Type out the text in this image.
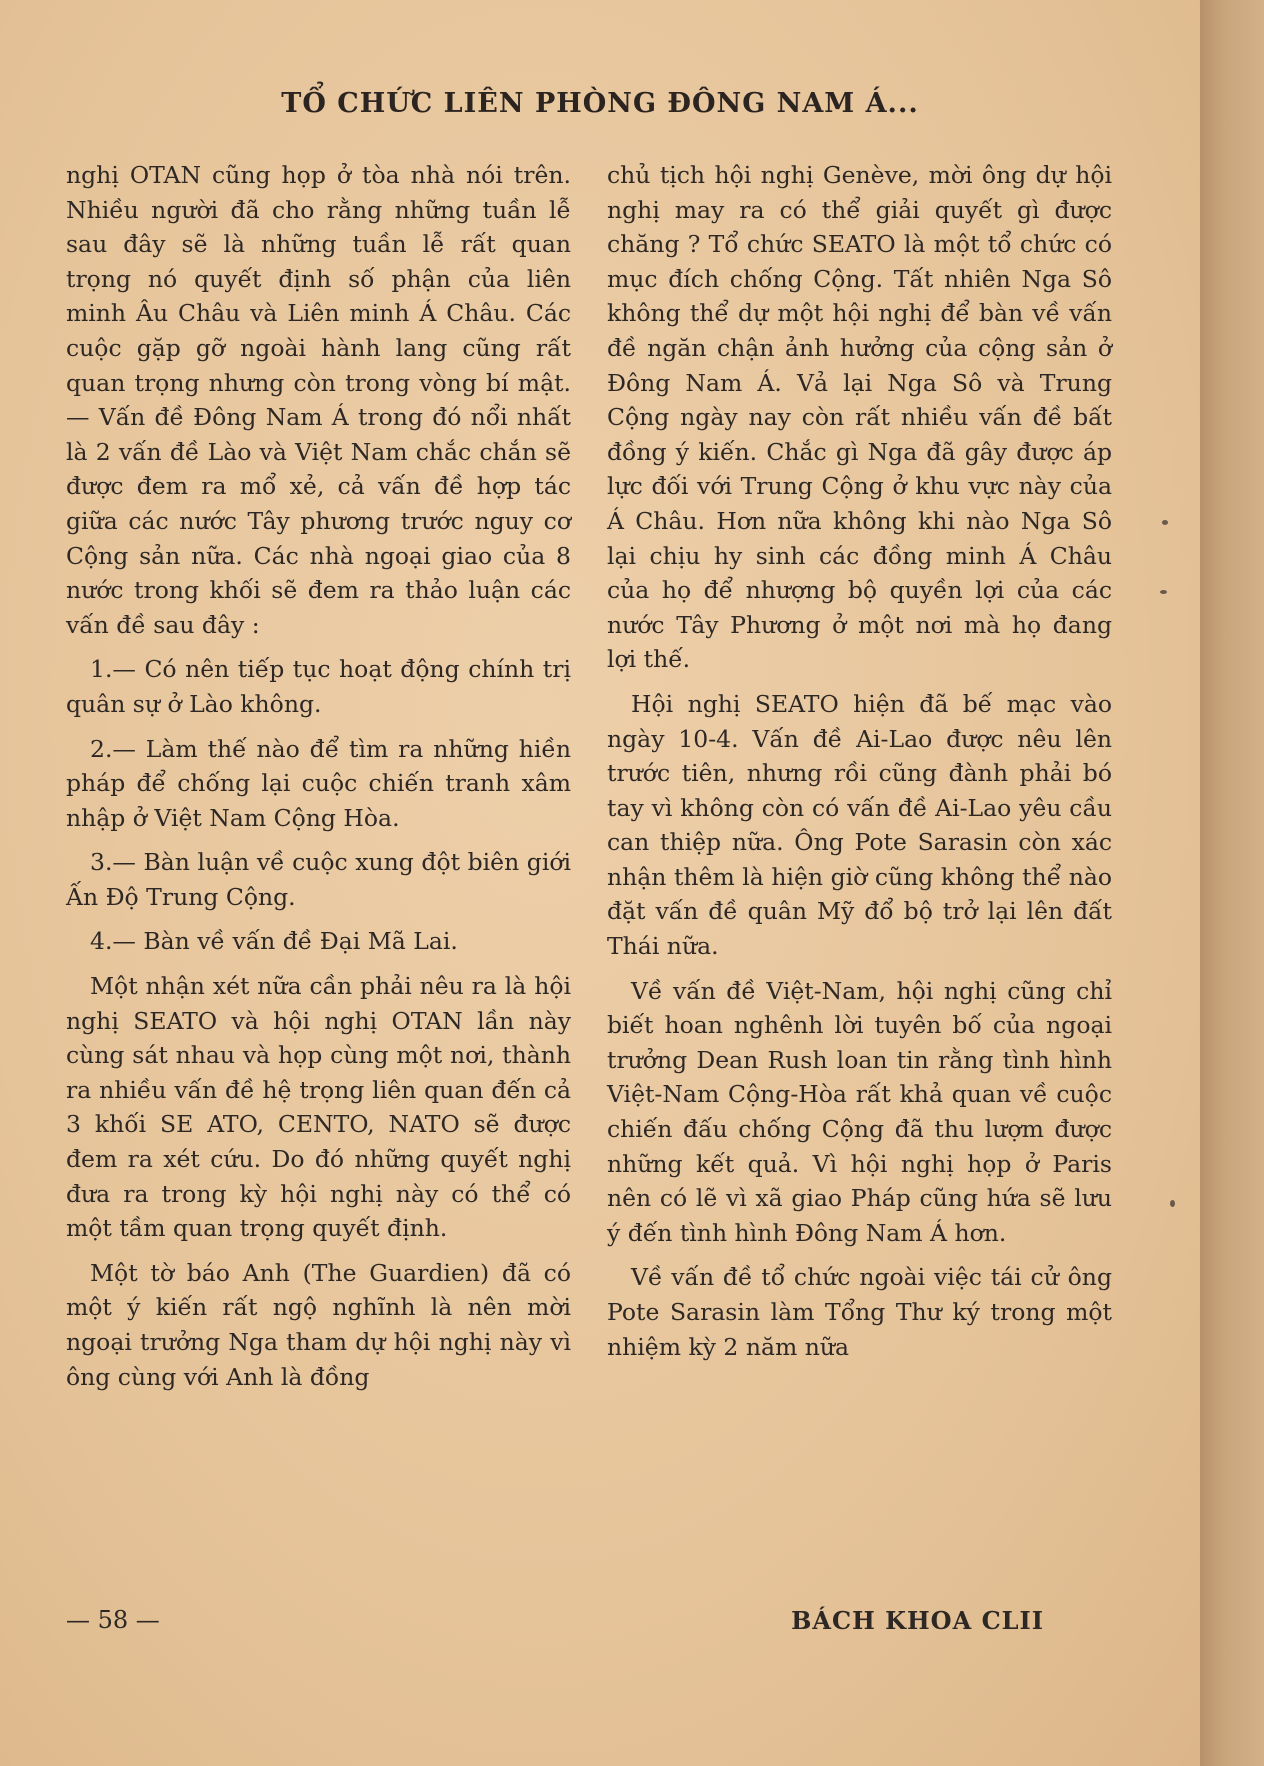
TỔ CHỨC LIÊN PHÒNG ĐÔNG NAM Á...

nghị OTAN cũng họp ở tòa nhà nói trên. Nhiều người đã cho rằng những tuần lễ sau đây sẽ là những tuần lễ rất quan trọng nó quyết định số phận của liên minh Âu Châu và Liên minh Á Châu. Các cuộc gặp gỡ ngoài hành lang cũng rất quan trọng nhưng còn trong vòng bí mật.— Vấn đề Đông Nam Á trong đó nổi nhất là 2 vấn đề Lào và Việt Nam chắc chắn sẽ được đem ra mổ xẻ, cả vấn đề hợp tác giữa các nước Tây phương trước nguy cơ Cộng sản nữa. Các nhà ngoại giao của 8 nước trong khối sẽ đem ra thảo luận các vấn đề sau đây :

1.— Có nên tiếp tục hoạt động chính trị quân sự ở Lào không.

2.— Làm thế nào để tìm ra những hiền pháp để chống lại cuộc chiến tranh xâm nhập ở Việt Nam Cộng Hòa.

3.— Bàn luận về cuộc xung đột biên giới Ấn Độ Trung Cộng.

4.— Bàn về vấn đề Đại Mã Lai.

Một nhận xét nữa cần phải nêu ra là hội nghị SEATO và hội nghị OTAN lần này cùng sát nhau và họp cùng một nơi, thành ra nhiều vấn đề hệ trọng liên quan đến cả 3 khối SE ATO, CENTO, NATO sẽ được đem ra xét cứu. Do đó những quyết nghị đưa ra trong kỳ hội nghị này có thể có một tầm quan trọng quyết định.

Một tờ báo Anh (The Guardien) đã có một ý kiến rất ngộ nghĩnh là nên mời ngoại trưởng Nga tham dự hội nghị này vì ông cùng với Anh là đồng

chủ tịch hội nghị Genève, mời ông dự hội nghị may ra có thể giải quyết gì được chăng ? Tổ chức SEATO là một tổ chức có mục đích chống Cộng. Tất nhiên Nga Sô không thể dự một hội nghị để bàn về vấn đề ngăn chận ảnh hưởng của cộng sản ở Đông Nam Á. Vả lại Nga Sô và Trung Cộng ngày nay còn rất nhiều vấn đề bất đồng ý kiến. Chắc gì Nga đã gây được áp lực đối với Trung Cộng ở khu vực này của Á Châu. Hơn nữa không khi nào Nga Sô lại chịu hy sinh các đồng minh Á Châu của họ để nhượng bộ quyền lợi của các nước Tây Phương ở một nơi mà họ đang lợi thế.

Hội nghị SEATO hiện đã bế mạc vào ngày 10-4. Vấn đề Ai-Lao được nêu lên trước tiên, nhưng rồi cũng đành phải bó tay vì không còn có vấn đề Ai-Lao yêu cầu can thiệp nữa. Ông Pote Sarasin còn xác nhận thêm là hiện giờ cũng không thể nào đặt vấn đề quân Mỹ đổ bộ trở lại lên đất Thái nữa.

Về vấn đề Việt-Nam, hội nghị cũng chỉ biết hoan nghênh lời tuyên bố của ngoại trưởng Dean Rush loan tin rằng tình hình Việt-Nam Cộng-Hòa rất khả quan về cuộc chiến đấu chống Cộng đã thu lượm được những kết quả. Vì hội nghị họp ở Paris nên có lẽ vì xã giao Pháp cũng hứa sẽ lưu ý đến tình hình Đông Nam Á hơn.

Về vấn đề tổ chức ngoài việc tái cử ông Pote Sarasin làm Tổng Thư ký trong một nhiệm kỳ 2 năm nữa

— 58 —	BÁCH KHOA CLII
